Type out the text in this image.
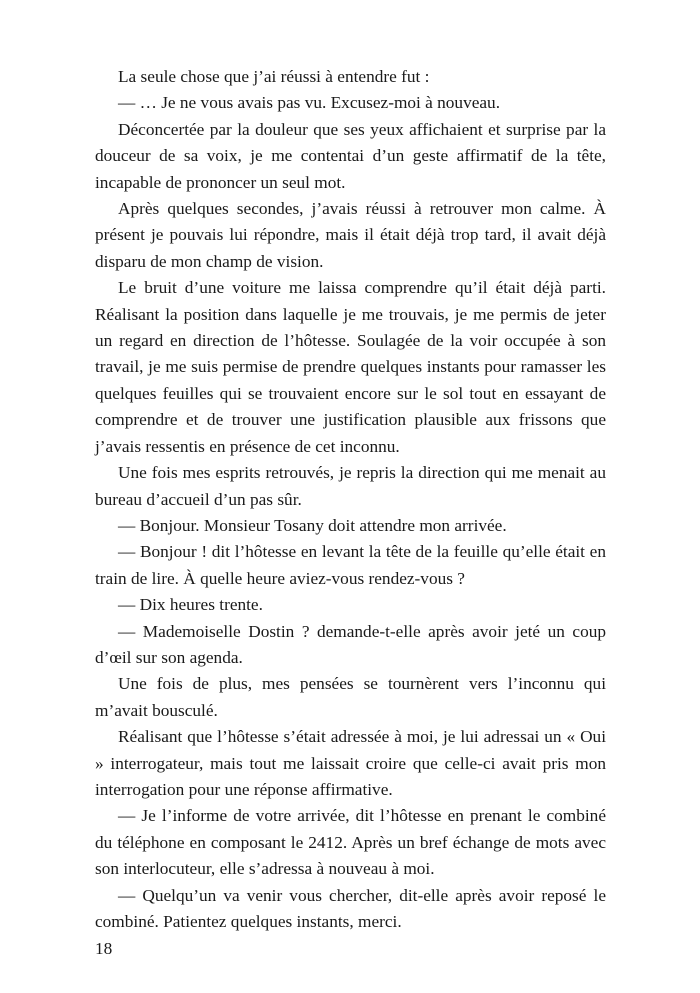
La seule chose que j’ai réussi à entendre fut :

— … Je ne vous avais pas vu. Excusez-moi à nouveau.

Déconcertée par la douleur que ses yeux affichaient et surprise par la douceur de sa voix, je me contentai d’un geste affirmatif de la tête, incapable de prononcer un seul mot.

Après quelques secondes, j’avais réussi à retrouver mon calme. À présent je pouvais lui répondre, mais il était déjà trop tard, il avait déjà disparu de mon champ de vision.

Le bruit d’une voiture me laissa comprendre qu’il était déjà parti. Réalisant la position dans laquelle je me trouvais, je me permis de jeter un regard en direction de l’hôtesse. Soulagée de la voir occupée à son travail, je me suis permise de prendre quelques instants pour ramasser les quelques feuilles qui se trouvaient encore sur le sol tout en essayant de comprendre et de trouver une justification plausible aux frissons que j’avais ressentis en présence de cet inconnu.

Une fois mes esprits retrouvés, je repris la direction qui me menait au bureau d’accueil d’un pas sûr.

— Bonjour. Monsieur Tosany doit attendre mon arrivée.

— Bonjour ! dit l’hôtesse en levant la tête de la feuille qu’elle était en train de lire. À quelle heure aviez-vous rendez-vous ?

— Dix heures trente.

— Mademoiselle Dostin ? demande-t-elle après avoir jeté un coup d’œil sur son agenda.

Une fois de plus, mes pensées se tournèrent vers l’inconnu qui m’avait bousculé.

Réalisant que l’hôtesse s’était adressée à moi, je lui adressai un « Oui » interrogateur, mais tout me laissait croire que celle-ci avait pris mon interrogation pour une réponse affirmative.

— Je l’informe de votre arrivée, dit l’hôtesse en prenant le combiné du téléphone en composant le 2412. Après un bref échange de mots avec son interlocuteur, elle s’adressa à nouveau à moi.

— Quelqu’un va venir vous chercher, dit-elle après avoir reposé le combiné. Patientez quelques instants, merci.

18
